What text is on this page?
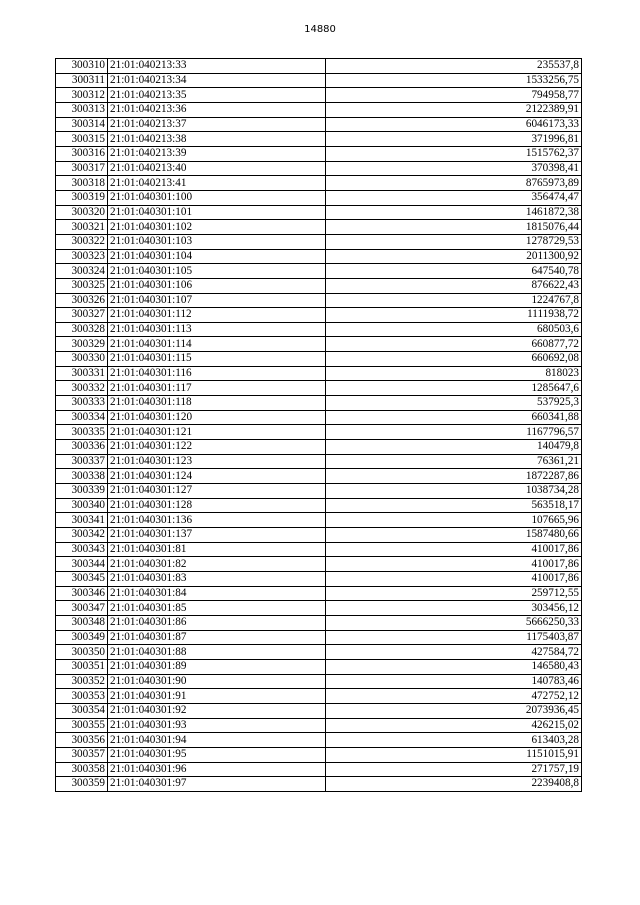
14880
300310	21:01:040213:33	235537,8
300311	21:01:040213:34	1533256,75
300312	21:01:040213:35	794958,77
300313	21:01:040213:36	2122389,91
300314	21:01:040213:37	6046173,33
300315	21:01:040213:38	371996,81
300316	21:01:040213:39	1515762,37
300317	21:01:040213:40	370398,41
300318	21:01:040213:41	8765973,89
300319	21:01:040301:100	356474,47
300320	21:01:040301:101	1461872,38
300321	21:01:040301:102	1815076,44
300322	21:01:040301:103	1278729,53
300323	21:01:040301:104	2011300,92
300324	21:01:040301:105	647540,78
300325	21:01:040301:106	876622,43
300326	21:01:040301:107	1224767,8
300327	21:01:040301:112	1111938,72
300328	21:01:040301:113	680503,6
300329	21:01:040301:114	660877,72
300330	21:01:040301:115	660692,08
300331	21:01:040301:116	818023
300332	21:01:040301:117	1285647,6
300333	21:01:040301:118	537925,3
300334	21:01:040301:120	660341,88
300335	21:01:040301:121	1167796,57
300336	21:01:040301:122	140479,8
300337	21:01:040301:123	76361,21
300338	21:01:040301:124	1872287,86
300339	21:01:040301:127	1038734,28
300340	21:01:040301:128	563518,17
300341	21:01:040301:136	107665,96
300342	21:01:040301:137	1587480,66
300343	21:01:040301:81	410017,86
300344	21:01:040301:82	410017,86
300345	21:01:040301:83	410017,86
300346	21:01:040301:84	259712,55
300347	21:01:040301:85	303456,12
300348	21:01:040301:86	5666250,33
300349	21:01:040301:87	1175403,87
300350	21:01:040301:88	427584,72
300351	21:01:040301:89	146580,43
300352	21:01:040301:90	140783,46
300353	21:01:040301:91	472752,12
300354	21:01:040301:92	2073936,45
300355	21:01:040301:93	426215,02
300356	21:01:040301:94	613403,28
300357	21:01:040301:95	1151015,91
300358	21:01:040301:96	271757,19
300359	21:01:040301:97	2239408,8
